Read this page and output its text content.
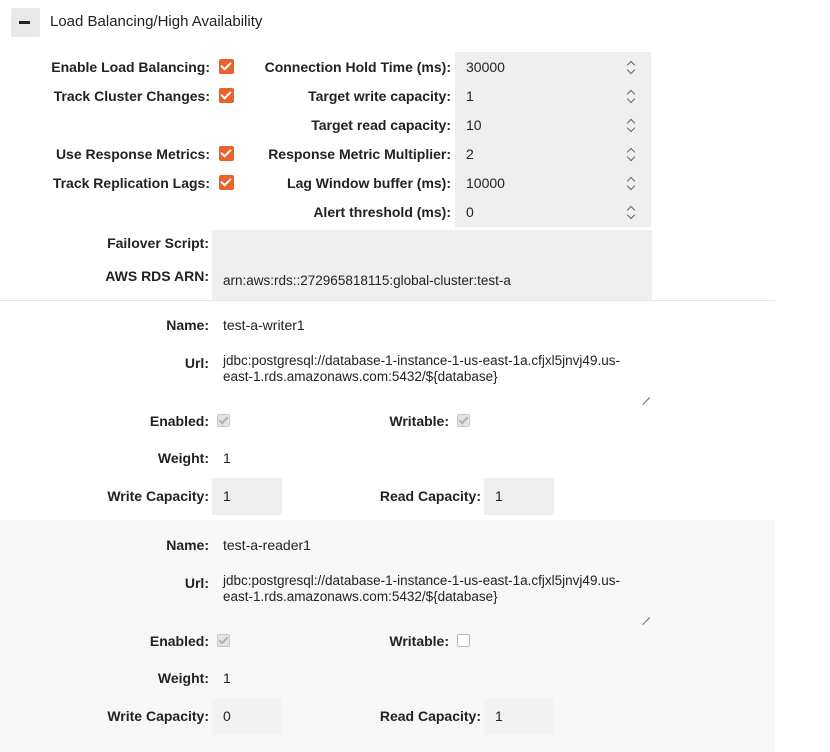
Load Balancing/High Availability
Enable Load Balancing:
Track Cluster Changes:
Use Response Metrics:
Track Replication Lags:
Connection Hold Time (ms): 30000
Target write capacity: 1
Target read capacity: 10
Response Metric Multiplier: 2
Lag Window buffer (ms): 10000
Alert threshold (ms): 0
Failover Script:
AWS RDS ARN: arn:aws:rds::272965818115:global-cluster:test-a
Name: test-a-writer1
Url: jdbc:postgresql://database-1-instance-1-us-east-1a.cfjxl5jnvj49.us-east-1.rds.amazonaws.com:5432/${database}
Enabled:	Writable:
Weight: 1
Write Capacity: 1	Read Capacity: 1
Name: test-a-reader1
Url: jdbc:postgresql://database-1-instance-1-us-east-1a.cfjxl5jnvj49.us-east-1.rds.amazonaws.com:5432/${database}
Enabled:	Writable:
Weight: 1
Write Capacity: 0	Read Capacity: 1
